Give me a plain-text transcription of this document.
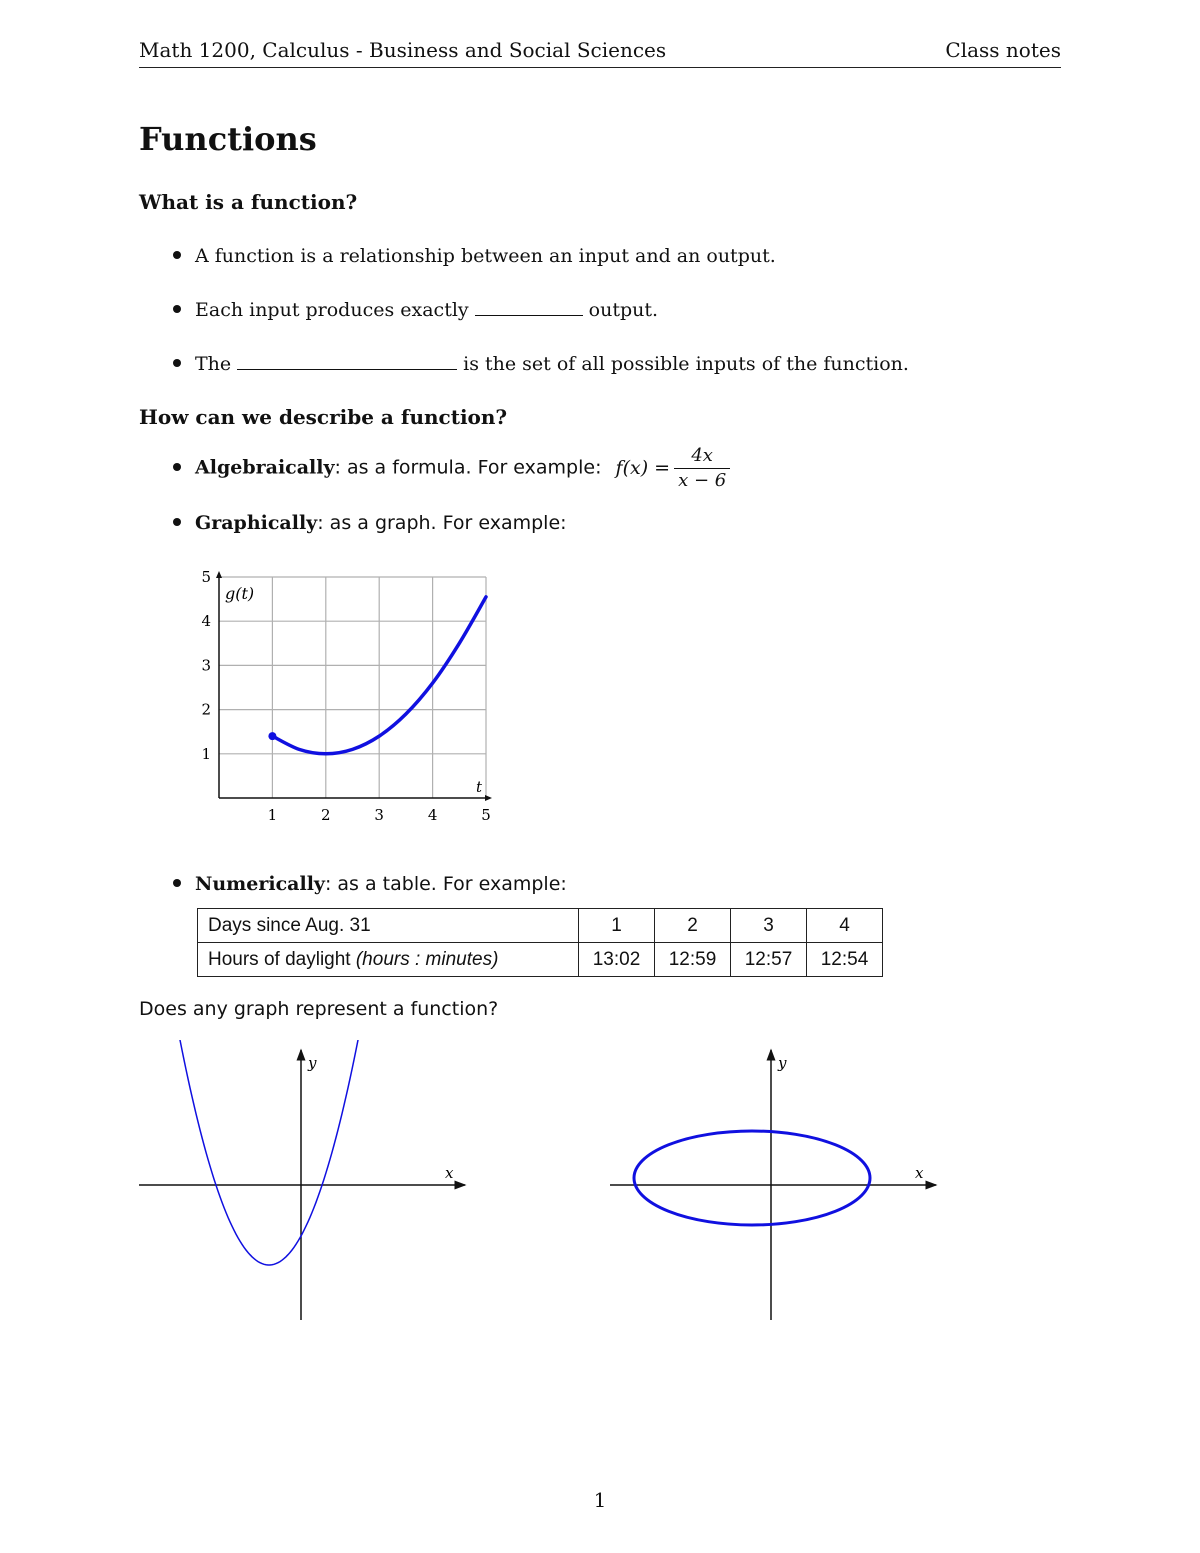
Math 1200, Calculus - Business and Social Sciences	Class notes
Functions
What is a function?
A function is a relationship between an input and an output.
Each input produces exactly	output.
The	is the set of all possible inputs of the function.
How can we describe a function?
Algebraically: as a formula. For example: $f(x) = \frac{4x}{x - 6}$
Graphically: as a graph. For example:
1	2	3	4	5
1
2
3
4
5
g(t)
t
Numerically: as a table. For example:
Days since Aug. 31	1	2	3	4
Hours of daylight (hours : minutes)	13:02	12:59	12:57	12:54
Does any graph represent a function?
x
y
x
y
1
